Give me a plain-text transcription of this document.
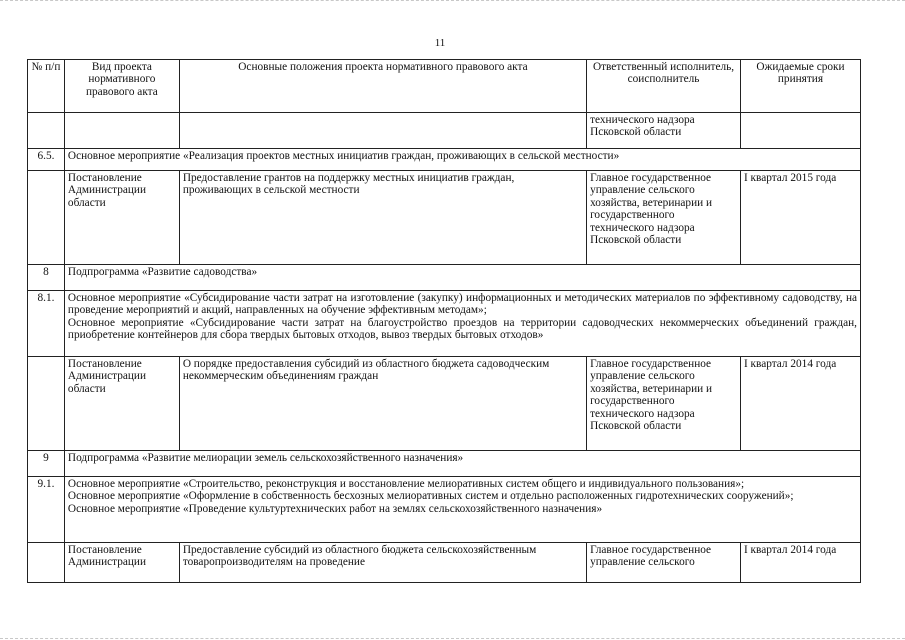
11
№ п/п	Вид проекта нормативного правового акта	Основные положения проекта нормативного правового акта	Ответственный исполнитель, соисполнитель	Ожидаемые сроки принятия
			технического надзора Псковской области	
6.5.	Основное мероприятие «Реализация проектов местных инициатив граждан, проживающих в сельской местности»			
	Постановление Администрации области	Предоставление грантов на поддержку местных инициатив граждан, проживающих в сельской местности	Главное государственное управление сельского хозяйства, ветеринарии и государственного технического надзора Псковской области	I квартал 2015 года
8	Подпрограмма «Развитие садоводства»			
8.1.	Основное мероприятие «Субсидирование части затрат на изготовление (закупку) информационных и методических материалов по эффективному садоводству, на проведение мероприятий и акций, направленных на обучение эффективным методам»;
Основное мероприятие «Субсидирование части затрат на благоустройство проездов на территории садоводческих некоммерческих объединений граждан, приобретение контейнеров для сбора твердых бытовых отходов, вывоз твердых бытовых отходов»			

	Постановление Администрации области	О порядке предоставления субсидий из областного бюджета садоводческим некоммерческим объединениям граждан	Главное государственное управление сельского хозяйства, ветеринарии и государственного технического надзора Псковской области	I квартал 2014 года
9	Подпрограмма «Развитие мелиорации земель сельскохозяйственного назначения»			
9.1.	Основное мероприятие «Строительство, реконструкция и восстановление мелиоративных систем общего и индивидуального пользования»;
Основное мероприятие «Оформление в собственность бесхозных мелиоративных систем и отдельно расположенных гидротехнических сооружений»;
Основное мероприятие «Проведение культуртехнических работ на землях сельскохозяйственного назначения»			

	Постановление Администрации	Предоставление субсидий из областного бюджета сельскохозяйственным товаропроизводителям на проведение	Главное государственное управление сельского	I квартал 2014 года
